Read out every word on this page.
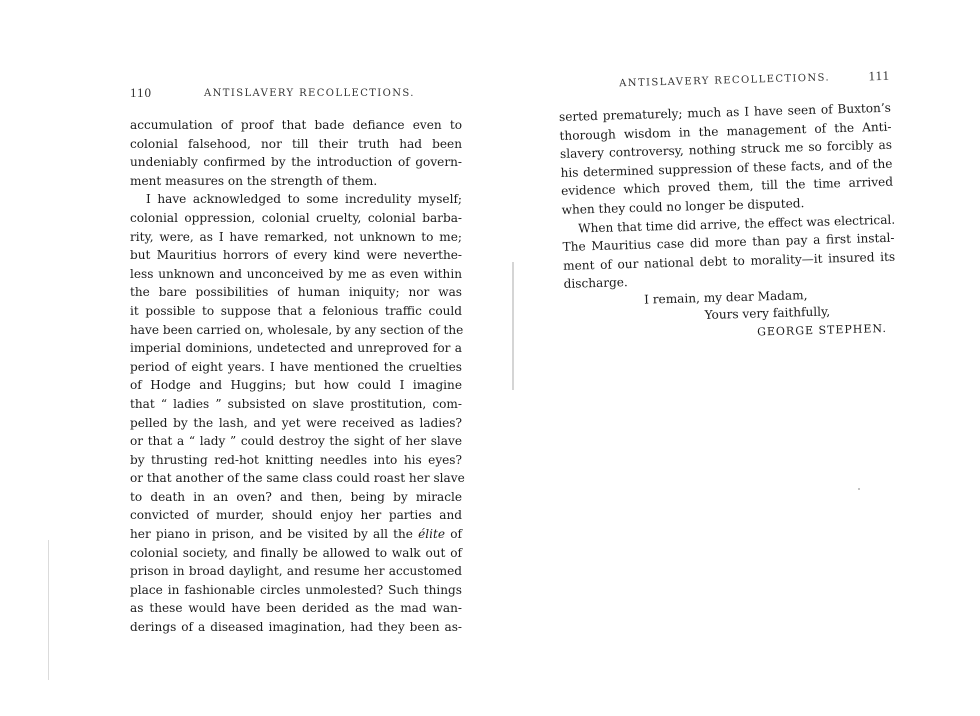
110	ANTISLAVERY RECOLLECTIONS.
accumulation of proof that bade defiance even to
colonial falsehood, nor till their truth had been
undeniably confirmed by the introduction of govern-
ment measures on the strength of them.
I have acknowledged to some incredulity myself;
colonial oppression, colonial cruelty, colonial barba-
rity, were, as I have remarked, not unknown to me;
but Mauritius horrors of every kind were neverthe-
less unknown and unconceived by me as even within
the bare possibilities of human iniquity; nor was
it possible to suppose that a felonious traffic could
have been carried on, wholesale, by any section of the
imperial dominions, undetected and unreproved for a
period of eight years. I have mentioned the cruelties
of Hodge and Huggins; but how could I imagine
that “ ladies ” subsisted on slave prostitution, com-
pelled by the lash, and yet were received as ladies?
or that a “ lady ” could destroy the sight of her slave
by thrusting red-hot knitting needles into his eyes?
or that another of the same class could roast her slave
to death in an oven? and then, being by miracle
convicted of murder, should enjoy her parties and
her piano in prison, and be visited by all the élite of
colonial society, and finally be allowed to walk out of
prison in broad daylight, and resume her accustomed
place in fashionable circles unmolested? Such things
as these would have been derided as the mad wan-
derings of a diseased imagination, had they been as-
ANTISLAVERY RECOLLECTIONS.	111
serted prematurely; much as I have seen of Buxton’s
thorough wisdom in the management of the Anti-
slavery controversy, nothing struck me so forcibly as
his determined suppression of these facts, and of the
evidence which proved them, till the time arrived
when they could no longer be disputed.
When that time did arrive, the effect was electrical.
The Mauritius case did more than pay a first instal-
ment of our national debt to morality—it insured its
discharge.
I remain, my dear Madam,
Yours very faithfully,
GEORGE STEPHEN.
